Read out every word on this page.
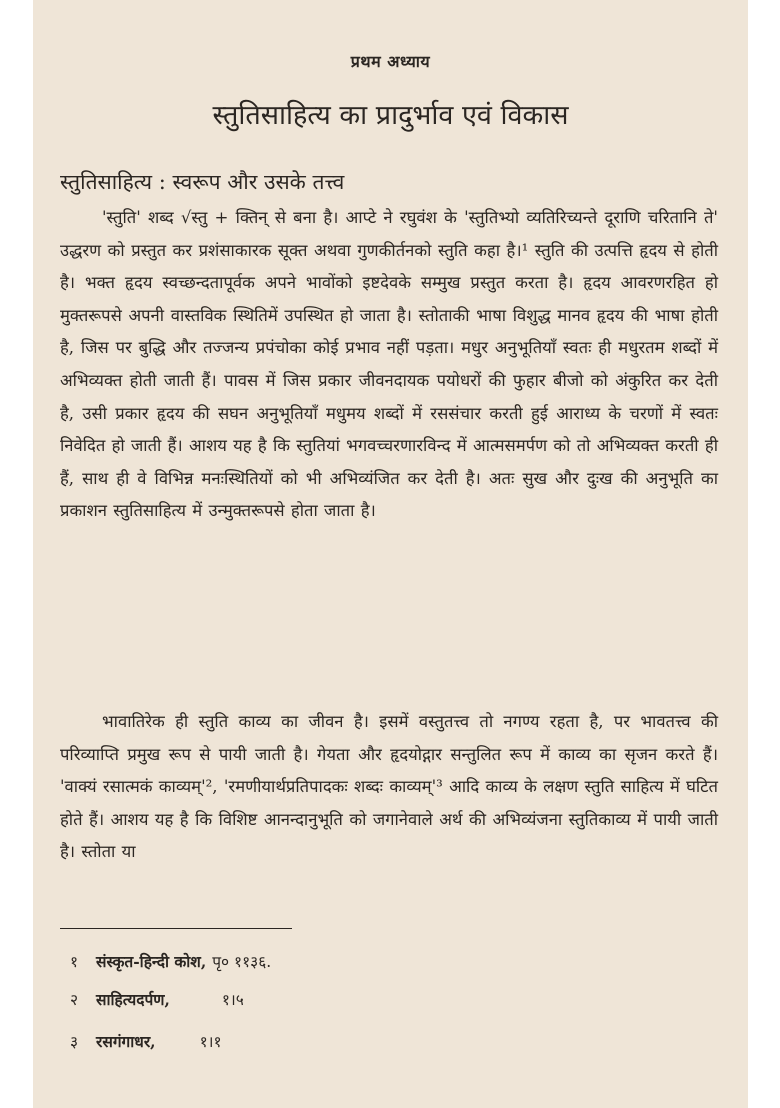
प्रथम अध्याय
स्तुतिसाहित्य का प्रादुर्भाव एवं विकास
स्तुतिसाहित्य : स्वरूप और उसके तत्त्व

'स्तुति' शब्द √स्तु + क्तिन् से बना है। आप्टे ने रघुवंश के 'स्तुतिभ्यो व्यतिरिच्यन्ते दूराणि चरितानि ते' उद्धरण को प्रस्तुत कर प्रशंसाकारक सूक्त अथवा गुणकीर्तनको स्तुति कहा है।¹ स्तुति की उत्पत्ति हृदय से होती है। भक्त हृदय स्वच्छन्दतापूर्वक अपने भावोंको इष्टदेवके सम्मुख प्रस्तुत करता है। हृदय आवरणरहित हो मुक्तरूपसे अपनी वास्तविक स्थितिमें उपस्थित हो जाता है। स्तोताकी भाषा विशुद्ध मानव हृदय की भाषा होती है, जिस पर बुद्धि और तज्जन्य प्रपंचोका कोई प्रभाव नहीं पड़ता। मधुर अनुभूतियाँ स्वतः ही मधुरतम शब्दों में अभिव्यक्त होती जाती हैं। पावस में जिस प्रकार जीवनदायक पयोधरों की फुहार बीजो को अंकुरित कर देती है, उसी प्रकार हृदय की सघन अनुभूतियाँ मधुमय शब्दों में रससंचार करती हुई आराध्य के चरणों में स्वतः निवेदित हो जाती हैं। आशय यह है कि स्तुतियां भगवच्चरणारविन्द में आत्मसमर्पण को तो अभिव्यक्त करती ही हैं, साथ ही वे विभिन्न मनःस्थितियों को भी अभिव्यंजित कर देती है। अतः सुख और दुःख की अनुभूति का प्रकाशन स्तुतिसाहित्य में उन्मुक्तरूपसे होता जाता है।

भावातिरेक ही स्तुति काव्य का जीवन है। इसमें वस्तुतत्त्व तो नगण्य रहता है, पर भावतत्त्व की परिव्याप्ति प्रमुख रूप से पायी जाती है। गेयता और हृदयोद्गार सन्तुलित रूप में काव्य का सृजन करते हैं। 'वाक्यं रसात्मकं काव्यम्'², 'रमणीयार्थप्रतिपादकः शब्दः काव्यम्'³ आदि काव्य के लक्षण स्तुति साहित्य में घटित होते हैं। आशय यह है कि विशिष्ट आनन्दानुभूति को जगानेवाले अर्थ की अभिव्यंजना स्तुतिकाव्य में पायी जाती है। स्तोता या

१ संस्कृत-हिन्दी कोश, पृ० ११३६.
२ साहित्यदर्पण,	१।५
३ रसगंगाधर,	१।१
